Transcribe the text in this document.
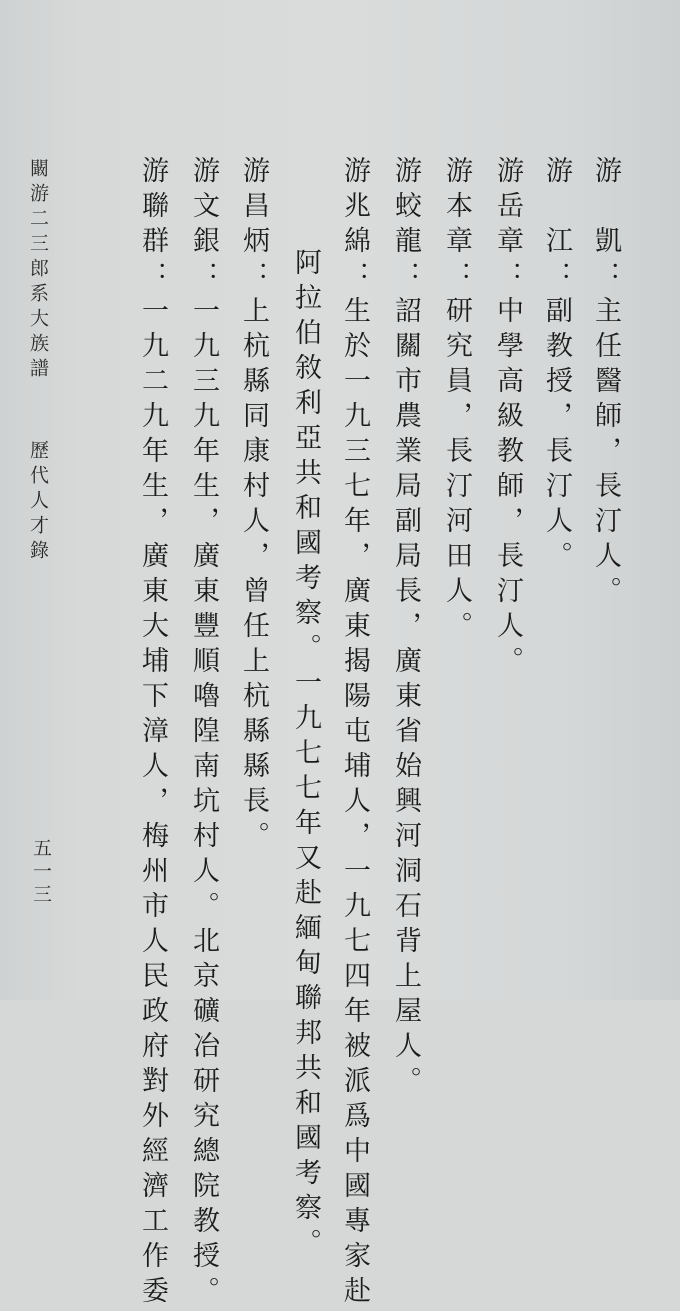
游　凱：主任醫師，長汀人。
游　江：副教授，長汀人。
游岳章：中學高級教師，長汀人。
游本章：研究員，長汀河田人。
游蛟龍：詔關市農業局副局長，廣東省始興河洞石背上屋人。
游兆綿：生於一九三七年，廣東揭陽屯埔人，一九七四年被派爲中國專家赴
阿拉伯敘利亞共和國考察。一九七七年又赴緬甸聯邦共和國考察。
游昌炳：上杭縣同康村人，曾任上杭縣縣長。
游文銀：一九三九年生，廣東豐順嚕隍南坑村人。北京礦冶研究總院教授。
游聯群：一九二九年生，廣東大埔下漳人，梅州市人民政府對外經濟工作委
闞游二三郎系大族譜
歷代人才錄
五一三
